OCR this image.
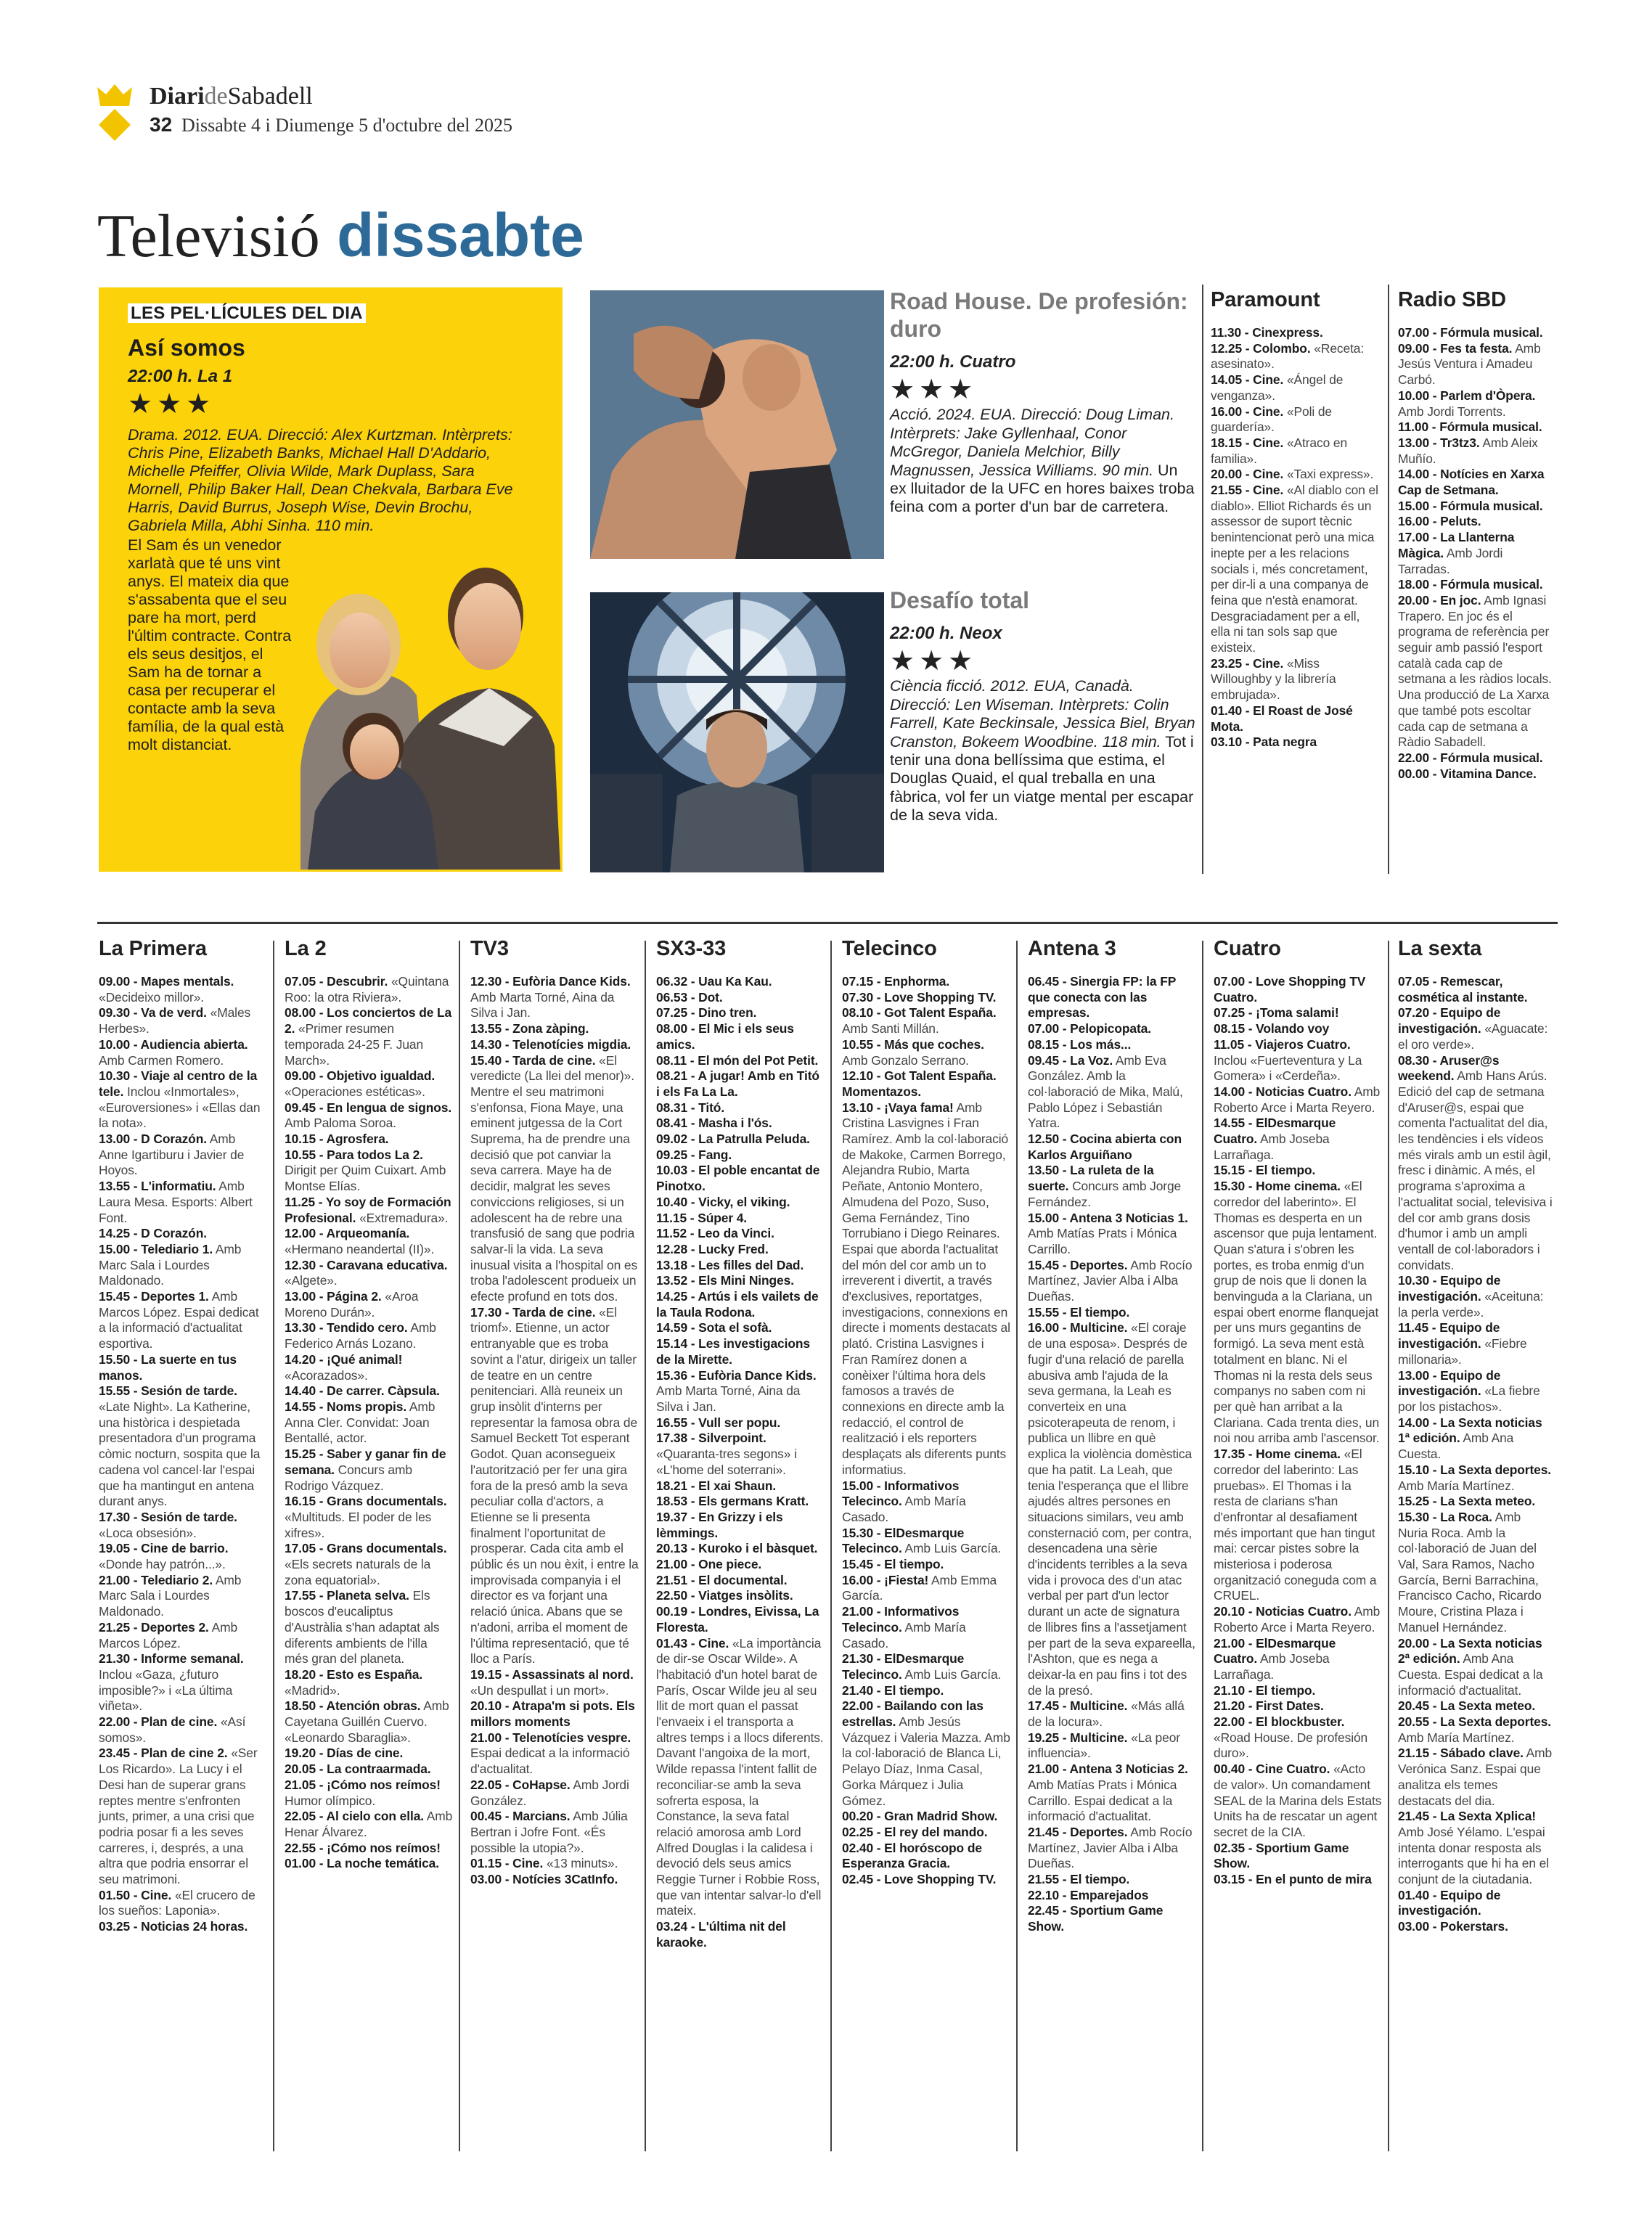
DiarideSabadell
32 Dissabte 4 i Diumenge 5 d'octubre del 2025
Televisió dissabte
LES PEL·LÍCULES DEL DIA
Así somos
22:00 h. La 1
★★★
Drama. 2012. EUA. Direcció: Alex Kurtzman. Intèrprets: Chris Pine, Elizabeth Banks, Michael Hall D'Addario, Michelle Pfeiffer, Olivia Wilde, Mark Duplass, Sara Mornell, Philip Baker Hall, Dean Chekvala, Barbara Eve Harris, David Burrus, Joseph Wise, Devin Brochu, Gabriela Milla, Abhi Sinha. 110 min.
El Sam és un venedor xarlatà que té uns vint anys. El mateix dia que s'assabenta que el seu pare ha mort, perd l'últim contracte. Contra els seus desitjos, el Sam ha de tornar a casa per recuperar el contacte amb la seva família, de la qual està molt distanciat.
Road House. De profesión: duro
22:00 h. Cuatro
★★★
Acció. 2024. EUA. Direcció: Doug Liman. Intèrprets: Jake Gyllenhaal, Conor McGregor, Daniela Melchior, Billy Magnussen, Jessica Williams. 90 min. Un ex lluitador de la UFC en hores baixes troba feina com a porter d'un bar de carretera.
Desafío total
22:00 h. Neox
★★★
Ciència ficció. 2012. EUA, Canadà. Direcció: Len Wiseman. Intèrprets: Colin Farrell, Kate Beckinsale, Jessica Biel, Bryan Cranston, Bokeem Woodbine. 118 min. Tot i tenir una dona bellíssima que estima, el Douglas Quaid, el qual treballa en una fàbrica, vol fer un viatge mental per escapar de la seva vida.
Paramount
11.30 - Cinexpress.
12.25 - Colombo. «Receta: asesinato».
14.05 - Cine. «Ángel de venganza».
16.00 - Cine. «Poli de guardería».
18.15 - Cine. «Atraco en familia».
20.00 - Cine. «Taxi express».
21.55 - Cine. «Al diablo con el diablo». Elliot Richards és un assessor de suport tècnic benintencionat però una mica inepte per a les relacions socials i, més concretament, per dir-li a una companya de feina que n'està enamorat. Desgraciadament per a ell, ella ni tan sols sap que existeix.
23.25 - Cine. «Miss Willoughby y la librería embrujada».
01.40 - El Roast de José Mota.
03.10 - Pata negra
Radio SBD
07.00 - Fórmula musical.
09.00 - Fes ta festa. Amb Jesús Ventura i Amadeu Carbó.
10.00 - Parlem d'Òpera. Amb Jordi Torrents.
11.00 - Fórmula musical.
13.00 - Tr3tz3. Amb Aleix Muñío.
14.00 - Notícies en Xarxa Cap de Setmana.
15.00 - Fórmula musical.
16.00 - Peluts.
17.00 - La Llanterna Màgica. Amb Jordi Tarradas.
18.00 - Fórmula musical.
20.00 - En joc. Amb Ignasi Trapero. En joc és el programa de referència per seguir amb passió l'esport català cada cap de setmana a les ràdios locals. Una producció de La Xarxa que també pots escoltar cada cap de setmana a Ràdio Sabadell.
22.00 - Fórmula musical.
00.00 - Vitamina Dance.
La Primera
09.00 - Mapes mentals. «Decideixo millor».
09.30 - Va de verd. «Males Herbes».
10.00 - Audiencia abierta. Amb Carmen Romero.
10.30 - Viaje al centro de la tele. Inclou «Inmortales», «Euroversiones» i «Ellas dan la nota».
13.00 - D Corazón. Amb Anne Igartiburu i Javier de Hoyos.
13.55 - L'informatiu. Amb Laura Mesa. Esports: Albert Font.
14.25 - D Corazón.
15.00 - Telediario 1. Amb Marc Sala i Lourdes Maldonado.
15.45 - Deportes 1. Amb Marcos López. Espai dedicat a la informació d'actualitat esportiva.
15.50 - La suerte en tus manos.
15.55 - Sesión de tarde. «Late Night». La Katherine, una històrica i despietada presentadora d'un programa còmic nocturn, sospita que la cadena vol cancel·lar l'espai que ha mantingut en antena durant anys.
17.30 - Sesión de tarde. «Loca obsesión».
19.05 - Cine de barrio. «Donde hay patrón...».
21.00 - Telediario 2. Amb Marc Sala i Lourdes Maldonado.
21.25 - Deportes 2. Amb Marcos López.
21.30 - Informe semanal. Inclou «Gaza, ¿futuro imposible?» i «La última viñeta».
22.00 - Plan de cine. «Así somos».
23.45 - Plan de cine 2. «Ser Los Ricardo». La Lucy i el Desi han de superar grans reptes mentre s'enfronten junts, primer, a una crisi que podria posar fi a les seves carreres, i, després, a una altra que podria ensorrar el seu matrimoni.
01.50 - Cine. «El crucero de los sueños: Laponia».
03.25 - Noticias 24 horas.
La 2
07.05 - Descubrir. «Quintana Roo: la otra Riviera».
08.00 - Los conciertos de La 2. «Primer resumen temporada 24-25 F. Juan March».
09.00 - Objetivo igualdad. «Operaciones estéticas».
09.45 - En lengua de signos. Amb Paloma Soroa.
10.15 - Agrosfera.
10.55 - Para todos La 2. Dirigit per Quim Cuixart. Amb Montse Elías.
11.25 - Yo soy de Formación Profesional. «Extremadura».
12.00 - Arqueomanía. «Hermano neandertal (II)».
12.30 - Caravana educativa. «Algete».
13.00 - Página 2. «Aroa Moreno Durán».
13.30 - Tendido cero. Amb Federico Arnás Lozano.
14.20 - ¡Qué animal! «Acorazados».
14.40 - De carrer. Càpsula.
14.55 - Noms propis. Amb Anna Cler. Convidat: Joan Bentallé, actor.
15.25 - Saber y ganar fin de semana. Concurs amb Rodrigo Vázquez.
16.15 - Grans documentals. «Multituds. El poder de les xifres».
17.05 - Grans documentals. «Els secrets naturals de la zona equatorial».
17.55 - Planeta selva. Els boscos d'eucaliptus d'Austràlia s'han adaptat als diferents ambients de l'illa més gran del planeta.
18.20 - Esto es España. «Madrid».
18.50 - Atención obras. Amb Cayetana Guillén Cuervo. «Leonardo Sbaraglia».
19.20 - Días de cine.
20.05 - La contraarmada.
21.05 - ¡Cómo nos reímos! Humor olímpico.
22.05 - Al cielo con ella. Amb Henar Álvarez.
22.55 - ¡Cómo nos reímos!
01.00 - La noche temática.
TV3
12.30 - Eufòria Dance Kids. Amb Marta Torné, Aina da Silva i Jan.
13.55 - Zona zàping.
14.30 - Telenotícies migdia.
15.40 - Tarda de cine. «El veredicte (La llei del menor)». Mentre el seu matrimoni s'enfonsa, Fiona Maye, una eminent jutgessa de la Cort Suprema, ha de prendre una decisió que pot canviar la seva carrera. Maye ha de decidir, malgrat les seves conviccions religioses, si un adolescent ha de rebre una transfusió de sang que podria salvar-li la vida. La seva inusual visita a l'hospital on es troba l'adolescent produeix un efecte profund en tots dos.
17.30 - Tarda de cine. «El triomf». Etienne, un actor entranyable que es troba sovint a l'atur, dirigeix un taller de teatre en un centre penitenciari. Allà reuneix un grup insòlit d'interns per representar la famosa obra de Samuel Beckett Tot esperant Godot. Quan aconsegueix l'autorització per fer una gira fora de la presó amb la seva peculiar colla d'actors, a Etienne se li presenta finalment l'oportunitat de prosperar. Cada cita amb el públic és un nou èxit, i entre la improvisada companyia i el director es va forjant una relació única. Abans que se n'adoni, arriba el moment de l'última representació, que té lloc a París.
19.15 - Assassinats al nord. «Un despullat i un mort».
20.10 - Atrapa'm si pots. Els millors moments
21.00 - Telenotícies vespre. Espai dedicat a la informació d'actualitat.
22.05 - CoHapse. Amb Jordi González.
00.45 - Marcians. Amb Júlia Bertran i Jofre Font. «És possible la utopia?».
01.15 - Cine. «13 minuts».
03.00 - Notícies 3CatInfo.
SX3-33
06.32 - Uau Ka Kau.
06.53 - Dot.
07.25 - Dino tren.
08.00 - El Mic i els seus amics.
08.11 - El món del Pot Petit.
08.21 - A jugar! Amb en Titó i els Fa La La.
08.31 - Titó.
08.41 - Masha i l'ós.
09.02 - La Patrulla Peluda.
09.25 - Fang.
10.03 - El poble encantat de Pinotxo.
10.40 - Vicky, el viking.
11.15 - Súper 4.
11.52 - Leo da Vinci.
12.28 - Lucky Fred.
13.18 - Les filles del Dad.
13.52 - Els Mini Ninges.
14.25 - Artús i els vailets de la Taula Rodona.
14.59 - Sota el sofà.
15.14 - Les investigacions de la Mirette.
15.36 - Eufòria Dance Kids. Amb Marta Torné, Aina da Silva i Jan.
16.55 - Vull ser popu.
17.38 - Silverpoint. «Quaranta-tres segons» i «L'home del soterrani».
18.21 - El xai Shaun.
18.53 - Els germans Kratt.
19.37 - En Grizzy i els lèmmings.
20.13 - Kuroko i el bàsquet.
21.00 - One piece.
21.51 - El documental.
22.50 - Viatges insòlits.
00.19 - Londres, Eivissa, La Floresta.
01.43 - Cine. «La importància de dir-se Oscar Wilde». A l'habitació d'un hotel barat de París, Oscar Wilde jeu al seu llit de mort quan el passat l'envaeix i el transporta a altres temps i a llocs diferents. Davant l'angoixa de la mort, Wilde repassa l'intent fallit de reconciliar-se amb la seva sofrerta esposa, la Constance, la seva fatal relació amorosa amb Lord Alfred Douglas i la calidesa i devoció dels seus amics Reggie Turner i Robbie Ross, que van intentar salvar-lo d'ell mateix.
03.24 - L'última nit del karaoke.
Telecinco
07.15 - Enphorma.
07.30 - Love Shopping TV.
08.10 - Got Talent España. Amb Santi Millán.
10.55 - Más que coches. Amb Gonzalo Serrano.
12.10 - Got Talent España. Momentazos.
13.10 - ¡Vaya fama! Amb Cristina Lasvignes i Fran Ramírez. Amb la col·laboració de Makoke, Carmen Borrego, Alejandra Rubio, Marta Peñate, Antonio Montero, Almudena del Pozo, Suso, Gema Fernández, Tino Torrubiano i Diego Reinares. Espai que aborda l'actualitat del món del cor amb un to irreverent i divertit, a través d'exclusives, reportatges, investigacions, connexions en directe i moments destacats al plató. Cristina Lasvignes i Fran Ramírez donen a conèixer l'última hora dels famosos a través de connexions en directe amb la redacció, el control de realització i els reporters desplaçats als diferents punts informatius.
15.00 - Informativos Telecinco. Amb María Casado.
15.30 - ElDesmarque Telecinco. Amb Luis García.
15.45 - El tiempo.
16.00 - ¡Fiesta! Amb Emma García.
21.00 - Informativos Telecinco. Amb María Casado.
21.30 - ElDesmarque Telecinco. Amb Luis García.
21.40 - El tiempo.
22.00 - Bailando con las estrellas. Amb Jesús Vázquez i Valeria Mazza. Amb la col·laboració de Blanca Li, Pelayo Díaz, Inma Casal, Gorka Márquez i Julia Gómez.
00.20 - Gran Madrid Show.
02.25 - El rey del mando.
02.40 - El horóscopo de Esperanza Gracia.
02.45 - Love Shopping TV.
Antena 3
06.45 - Sinergia FP: la FP que conecta con las empresas.
07.00 - Pelopicopata.
08.15 - Los más...
09.45 - La Voz. Amb Eva González. Amb la col·laboració de Mika, Malú, Pablo López i Sebastián Yatra.
12.50 - Cocina abierta con Karlos Arguiñano
13.50 - La ruleta de la suerte. Concurs amb Jorge Fernández.
15.00 - Antena 3 Noticias 1. Amb Matías Prats i Mónica Carrillo.
15.45 - Deportes. Amb Rocío Martínez, Javier Alba i Alba Dueñas.
15.55 - El tiempo.
16.00 - Multicine. «El coraje de una esposa». Després de fugir d'una relació de parella abusiva amb l'ajuda de la seva germana, la Leah es converteix en una psicoterapeuta de renom, i publica un llibre en què explica la violència domèstica que ha patit. La Leah, que tenia l'esperança que el llibre ajudés altres persones en situacions similars, veu amb consternació com, per contra, desencadena una sèrie d'incidents terribles a la seva vida i provoca des d'un atac verbal per part d'un lector durant un acte de signatura de llibres fins a l'assetjament per part de la seva expareella, l'Ashton, que es nega a deixar-la en pau fins i tot des de la presó.
17.45 - Multicine. «Más allá de la locura».
19.25 - Multicine. «La peor influencia».
21.00 - Antena 3 Noticias 2. Amb Matías Prats i Mónica Carrillo. Espai dedicat a la informació d'actualitat.
21.45 - Deportes. Amb Rocío Martínez, Javier Alba i Alba Dueñas.
21.55 - El tiempo.
22.10 - Emparejados
22.45 - Sportium Game Show.
Cuatro
07.00 - Love Shopping TV Cuatro.
07.25 - ¡Toma salami!
08.15 - Volando voy
11.05 - Viajeros Cuatro. Inclou «Fuerteventura y La Gomera» i «Cerdeña».
14.00 - Noticias Cuatro. Amb Roberto Arce i Marta Reyero.
14.55 - ElDesmarque Cuatro. Amb Joseba Larrañaga.
15.15 - El tiempo.
15.30 - Home cinema. «El corredor del laberinto». El Thomas es desperta en un ascensor que puja lentament. Quan s'atura i s'obren les portes, es troba enmig d'un grup de nois que li donen la benvinguda a la Clariana, un espai obert enorme flanquejat per uns murs gegantins de formigó. La seva ment està totalment en blanc. Ni el Thomas ni la resta dels seus companys no saben com ni per què han arribat a la Clariana. Cada trenta dies, un noi nou arriba amb l'ascensor.
17.35 - Home cinema. «El corredor del laberinto: Las pruebas». El Thomas i la resta de clarians s'han d'enfrontar al desafiament més important que han tingut mai: cercar pistes sobre la misteriosa i poderosa organització coneguda com a CRUEL.
20.10 - Noticias Cuatro. Amb Roberto Arce i Marta Reyero.
21.00 - ElDesmarque Cuatro. Amb Joseba Larrañaga.
21.10 - El tiempo.
21.20 - First Dates.
22.00 - El blockbuster. «Road House. De profesión duro».
00.40 - Cine Cuatro. «Acto de valor». Un comandament SEAL de la Marina dels Estats Units ha de rescatar un agent secret de la CIA.
02.35 - Sportium Game Show.
03.15 - En el punto de mira
La sexta
07.05 - Remescar, cosmética al instante.
07.20 - Equipo de investigación. «Aguacate: el oro verde».
08.30 - Aruser@s weekend. Amb Hans Arús. Edició del cap de setmana d'Aruser@s, espai que comenta l'actualitat del dia, les tendències i els vídeos més virals amb un estil àgil, fresc i dinàmic. A més, el programa s'aproxima a l'actualitat social, televisiva i del cor amb grans dosis d'humor i amb un ampli ventall de col·laboradors i convidats.
10.30 - Equipo de investigación. «Aceituna: la perla verde».
11.45 - Equipo de investigación. «Fiebre millonaria».
13.00 - Equipo de investigación. «La fiebre por los pistachos».
14.00 - La Sexta noticias 1ª edición. Amb Ana Cuesta.
15.10 - La Sexta deportes. Amb María Martínez.
15.25 - La Sexta meteo.
15.30 - La Roca. Amb Nuria Roca. Amb la col·laboració de Juan del Val, Sara Ramos, Nacho García, Berni Barrachina, Francisco Cacho, Ricardo Moure, Cristina Plaza i Manuel Hernández.
20.00 - La Sexta noticias 2ª edición. Amb Ana Cuesta. Espai dedicat a la informació d'actualitat.
20.45 - La Sexta meteo.
20.55 - La Sexta deportes. Amb María Martínez.
21.15 - Sábado clave. Amb Verónica Sanz. Espai que analitza els temes destacats del dia.
21.45 - La Sexta Xplica! Amb José Yélamo. L'espai intenta donar resposta als interrogants que hi ha en el conjunt de la ciutadania.
01.40 - Equipo de investigación.
03.00 - Pokerstars.
